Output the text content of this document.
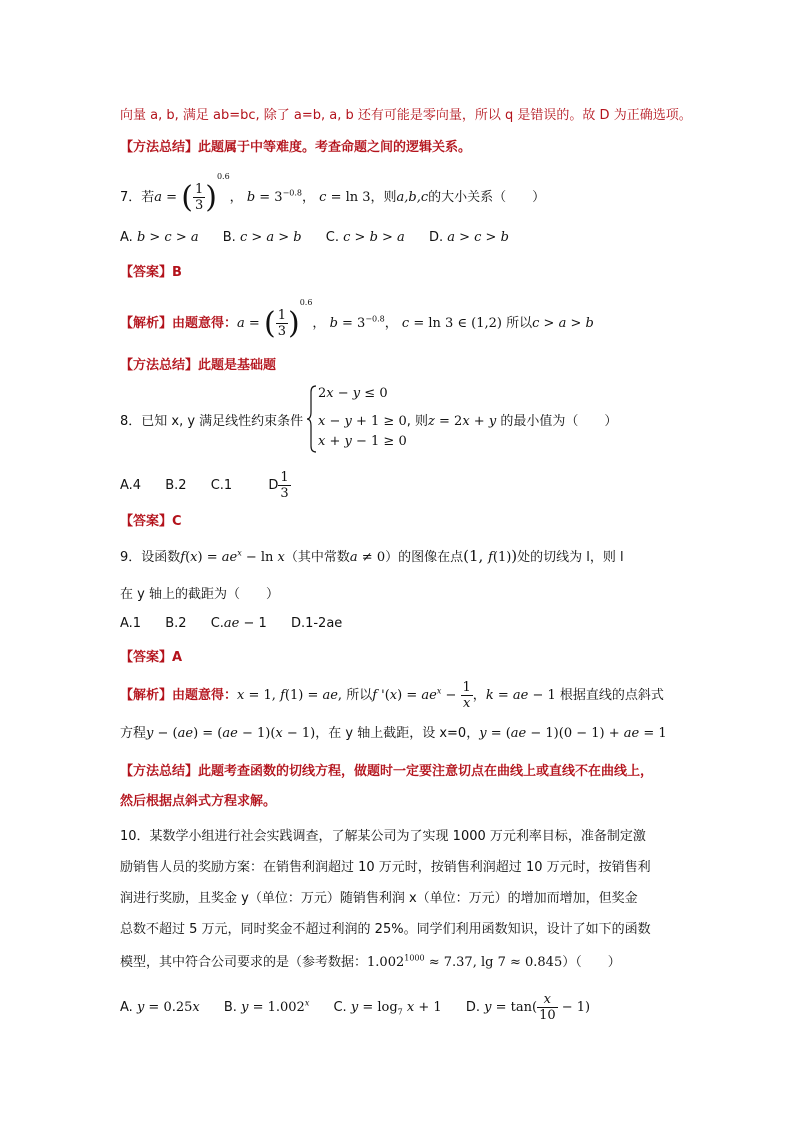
向量 a, b, 满足 ab=bc, 除了 a=b, a, b 还有可能是零向量，所以 q 是错误的。故 D 为正确选项。
【方法总结】此题属于中等难度。考查命题之间的逻辑关系。
7．若a = ( $\frac{1}{3} )^{0.6}$， $b = 3^{-0.8}$， c = ln 3，则a,b,c的大小关系（　　）
A. b > c > a B. c > a > b C. c > b > a D. a > c > b
【答案】B
【解析】由题意得：a = ( $\frac{1}{3} )^{0.6}$， $b = 3^{-0.8}$， c = ln 3 ∈ (1,2) 所以c > a > b
【方法总结】此题是基础题
8．已知 x, y 满足线性约束条件
2x − y ≤ 0
x − y + 1 ≥ 0, 则z = 2x + y 的最小值为（　　）
x + y − 1 ≥ 0
A.4 B.2 C.1	D $\frac{1}{3}$
【答案】C
9．设函数$f(x) = ae^x - \ln x$（其中常数a ≠ 0）的图像在点(1, f(1))处的切线为 l，则 l
在 y 轴上的截距为（　　）
A.1 B.2 C.ae − 1 D.1-2ae
【答案】A
【解析】由题意得：x = 1, f(1) = ae, 所以f '$(x) = ae^x - \frac{1}{x}$ ，k = ae − 1 根据直线的点斜式
方程y − (ae) = (ae − 1)(x − 1)，在 y 轴上截距，设 x=0，y = (ae − 1)(0 − 1) + ae = 1
【方法总结】此题考查函数的切线方程，做题时一定要注意切点在曲线上或直线不在曲线上，
然后根据点斜式方程求解。
10．某数学小组进行社会实践调查，了解某公司为了实现 1000 万元利率目标，准备制定激
励销售人员的奖励方案：在销售利润超过 10 万元时，按销售利润超过 10 万元时，按销售利
润进行奖励，且奖金 y（单位：万元）随销售利润 x（单位：万元）的增加而增加，但奖金
总数不超过 5 万元，同时奖金不超过利润的 25%。同学们利用函数知识，设计了如下的函数
模型，其中符合公司要求的是（参考数据：$1.002^{1000} \approx 7.37$, lg 7 ≈ 0.845）（　　）
A. y = 0.25x B. $y = 1.002^x$ C. $y = \log_7 x + 1$ D. $y = \tan( \frac{x}{10} - 1)$
